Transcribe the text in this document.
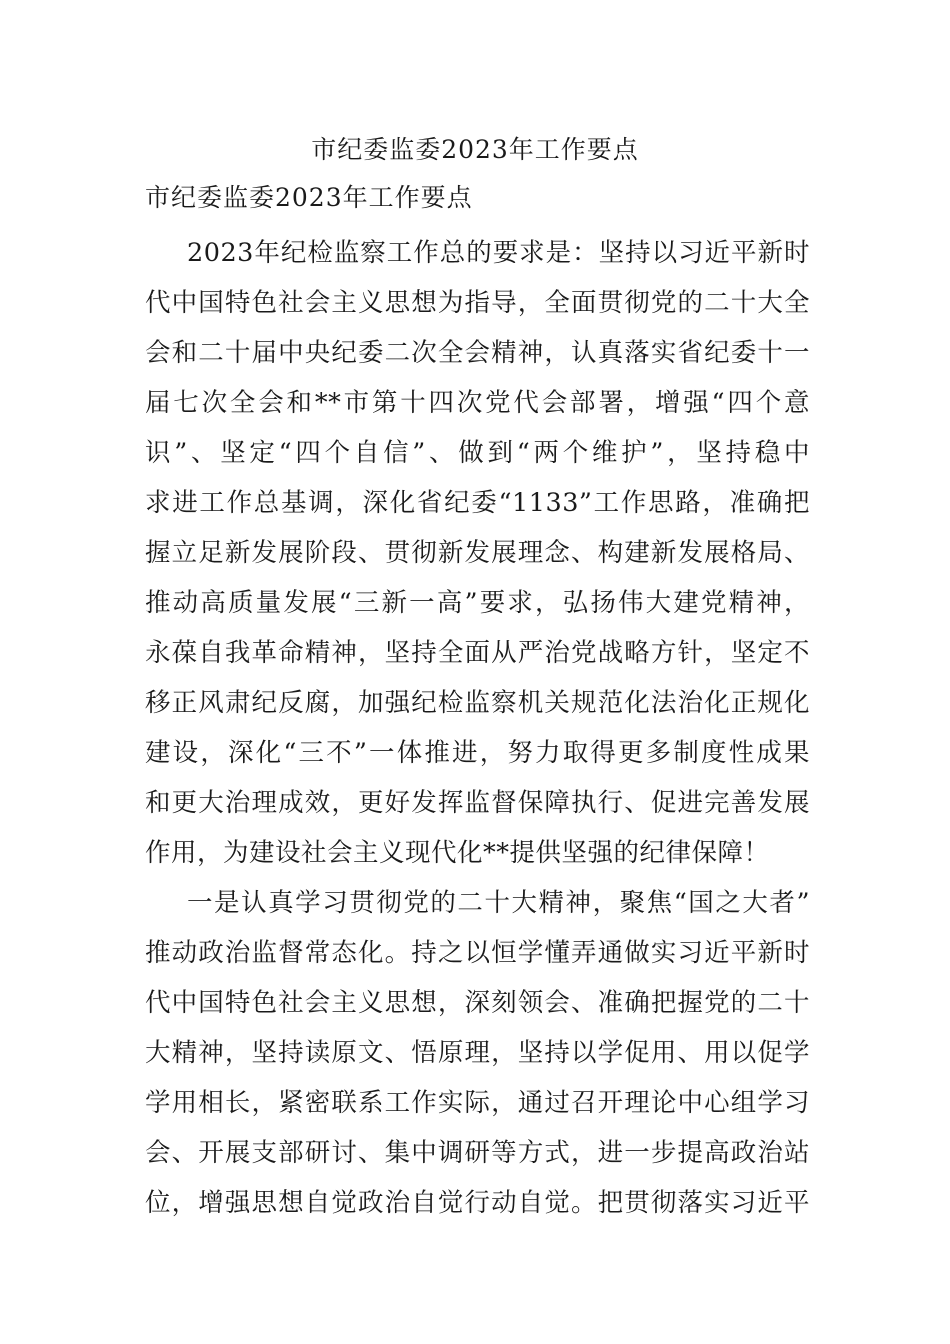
市纪委监委2023年工作要点
市纪委监委2023年工作要点
2023年纪检监察工作总的要求是：坚持以习近平新时
代中国特色社会主义思想为指导，全面贯彻党的二十大全
会和二十届中央纪委二次全会精神，认真落实省纪委十一
届七次全会和**市第十四次党代会部署，增强“四个意
识”、坚定“四个自信”、做到“两个维护”，坚持稳中
求进工作总基调，深化省纪委“1133”工作思路，准确把
握立足新发展阶段、贯彻新发展理念、构建新发展格局、
推动高质量发展“三新一高”要求，弘扬伟大建党精神，
永葆自我革命精神，坚持全面从严治党战略方针，坚定不
移正风肃纪反腐，加强纪检监察机关规范化法治化正规化
建设，深化“三不”一体推进，努力取得更多制度性成果
和更大治理成效，更好发挥监督保障执行、促进完善发展
作用，为建设社会主义现代化**提供坚强的纪律保障！
一是认真学习贯彻党的二十大精神，聚焦“国之大者”
推动政治监督常态化。持之以恒学懂弄通做实习近平新时
代中国特色社会主义思想，深刻领会、准确把握党的二十
大精神，坚持读原文、悟原理，坚持以学促用、用以促学
学用相长，紧密联系工作实际，通过召开理论中心组学习
会、开展支部研讨、集中调研等方式，进一步提高政治站
位，增强思想自觉政治自觉行动自觉。把贯彻落实习近平
